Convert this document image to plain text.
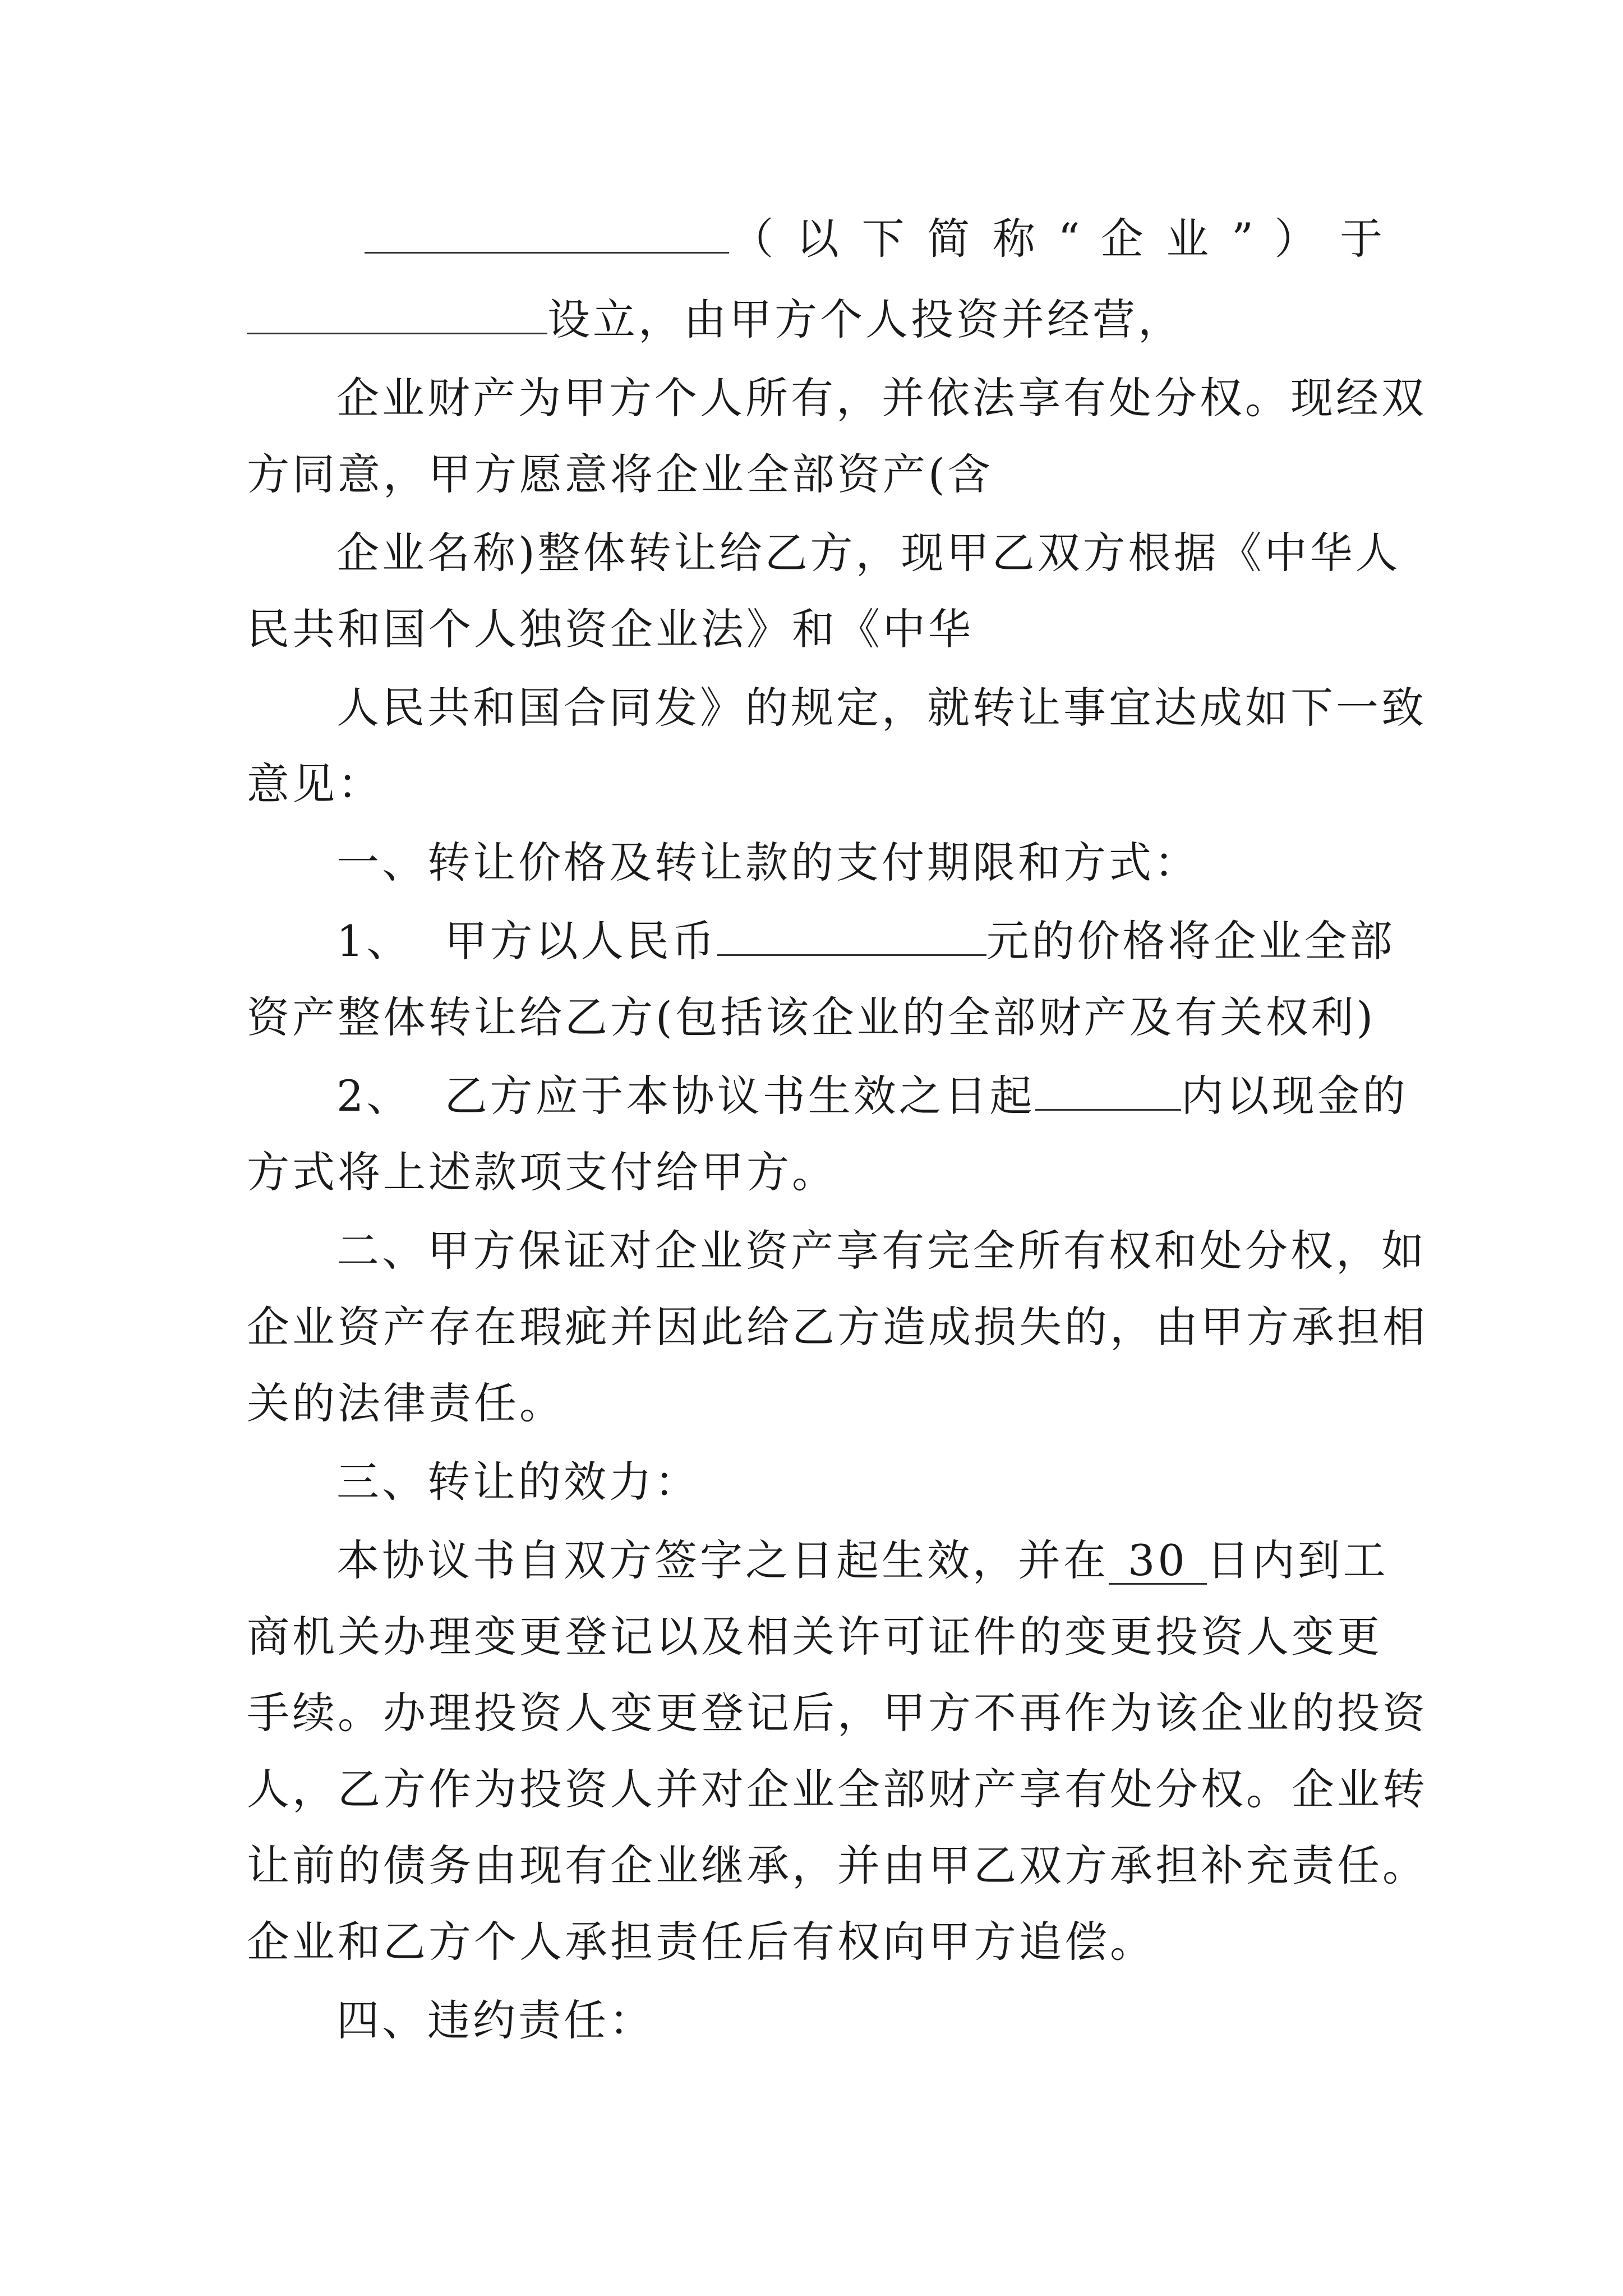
（ 以 下 简 称 “ 企 业 ” ） 于
设立，由甲方个人投资并经营，
企业财产为甲方个人所有，并依法享有处分权。现经双
方同意，甲方愿意将企业全部资产(含
企业名称)整体转让给乙方，现甲乙双方根据《中华人
民共和国个人独资企业法》和《中华
人民共和国合同发》的规定，就转让事宜达成如下一致
意见：
一、转让价格及转让款的支付期限和方式：
1、  甲方以人民币	元的价格将企业全部
资产整体转让给乙方(包括该企业的全部财产及有关权利)
2、  乙方应于本协议书生效之日起	内以现金的
方式将上述款项支付给甲方。
二、甲方保证对企业资产享有完全所有权和处分权，如
企业资产存在瑕疵并因此给乙方造成损失的，由甲方承担相
关的法律责任。
三、转让的效力：
本协议书自双方签字之日起生效，并在 30 日内到工
商机关办理变更登记以及相关许可证件的变更投资人变更
手续。办理投资人变更登记后，甲方不再作为该企业的投资
人，乙方作为投资人并对企业全部财产享有处分权。企业转
让前的债务由现有企业继承，并由甲乙双方承担补充责任。
企业和乙方个人承担责任后有权向甲方追偿。
四、违约责任：
